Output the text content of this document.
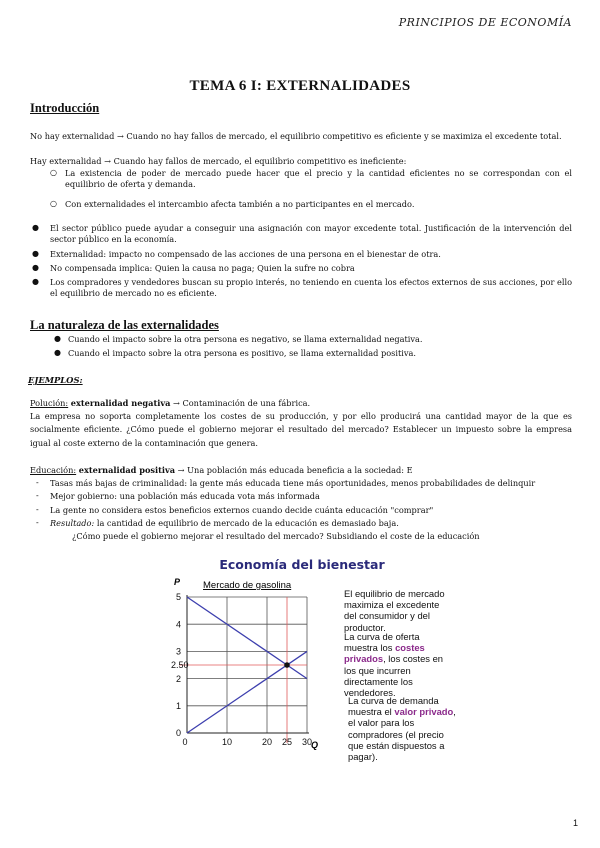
PRINCIPIOS DE ECONOMÍA
TEMA 6 I: EXTERNALIDADES
Introducción
No hay externalidad → Cuando no hay fallos de mercado, el equilibrio competitivo es eficiente y se maximiza el excedente total.
Hay externalidad → Cuando hay fallos de mercado, el equilibrio competitivo es ineficiente:
○ La existencia de poder de mercado puede hacer que el precio y la cantidad eficientes no se correspondan con el equilibrio de oferta y demanda.
○ Con externalidades el intercambio afecta también a no participantes en el mercado.
● El sector público puede ayudar a conseguir una asignación con mayor excedente total. Justificación de la intervención del sector público en la economía.
● Externalidad: impacto no compensado de las acciones de una persona en el bienestar de otra.
● No compensada implica: Quien la causa no paga; Quien la sufre no cobra
● Los compradores y vendedores buscan su propio interés, no teniendo en cuenta los efectos externos de sus acciones, por ello el equilibrio de mercado no es eficiente.
La naturaleza de las externalidades
● Cuando el impacto sobre la otra persona es negativo, se llama externalidad negativa.
● Cuando el impacto sobre la otra persona es positivo, se llama externalidad positiva.
EJEMPLOS:
Polución: externalidad negativa → Contaminación de una fábrica.
La empresa no soporta completamente los costes de su producción, y por ello producirá una cantidad mayor de la que es socialmente eficiente. ¿Cómo puede el gobierno mejorar el resultado del mercado? Establecer un impuesto sobre la empresa igual al coste externo de la contaminación que genera.
Educación: externalidad positiva → Una población más educada beneficia a la sociedad: E
- Tasas más bajas de criminalidad: la gente más educada tiene más oportunidades, menos probabilidades de delinquir
- Mejor gobierno: una población más educada vota más informada
- La gente no considera estos beneficios externos cuando decide cuánta educación "comprar"
- Resultado: la cantidad de equilibrio de mercado de la educación es demasiado baja.
¿Cómo puede el gobierno mejorar el resultado del mercado? Subsidiando el coste de la educación
Economía del bienestar
P Mercado de gasolina
Q
0
1
2
2.50
3
4
5
0	10	20 25 30
El equilibrio de mercado maximiza el excedente del consumidor y del productor.
La curva de oferta muestra los costes privados, los costes en los que incurren directamente los vendedores.
La curva de demanda muestra el valor privado, el valor para los compradores (el precio que están dispuestos a pagar).
1
